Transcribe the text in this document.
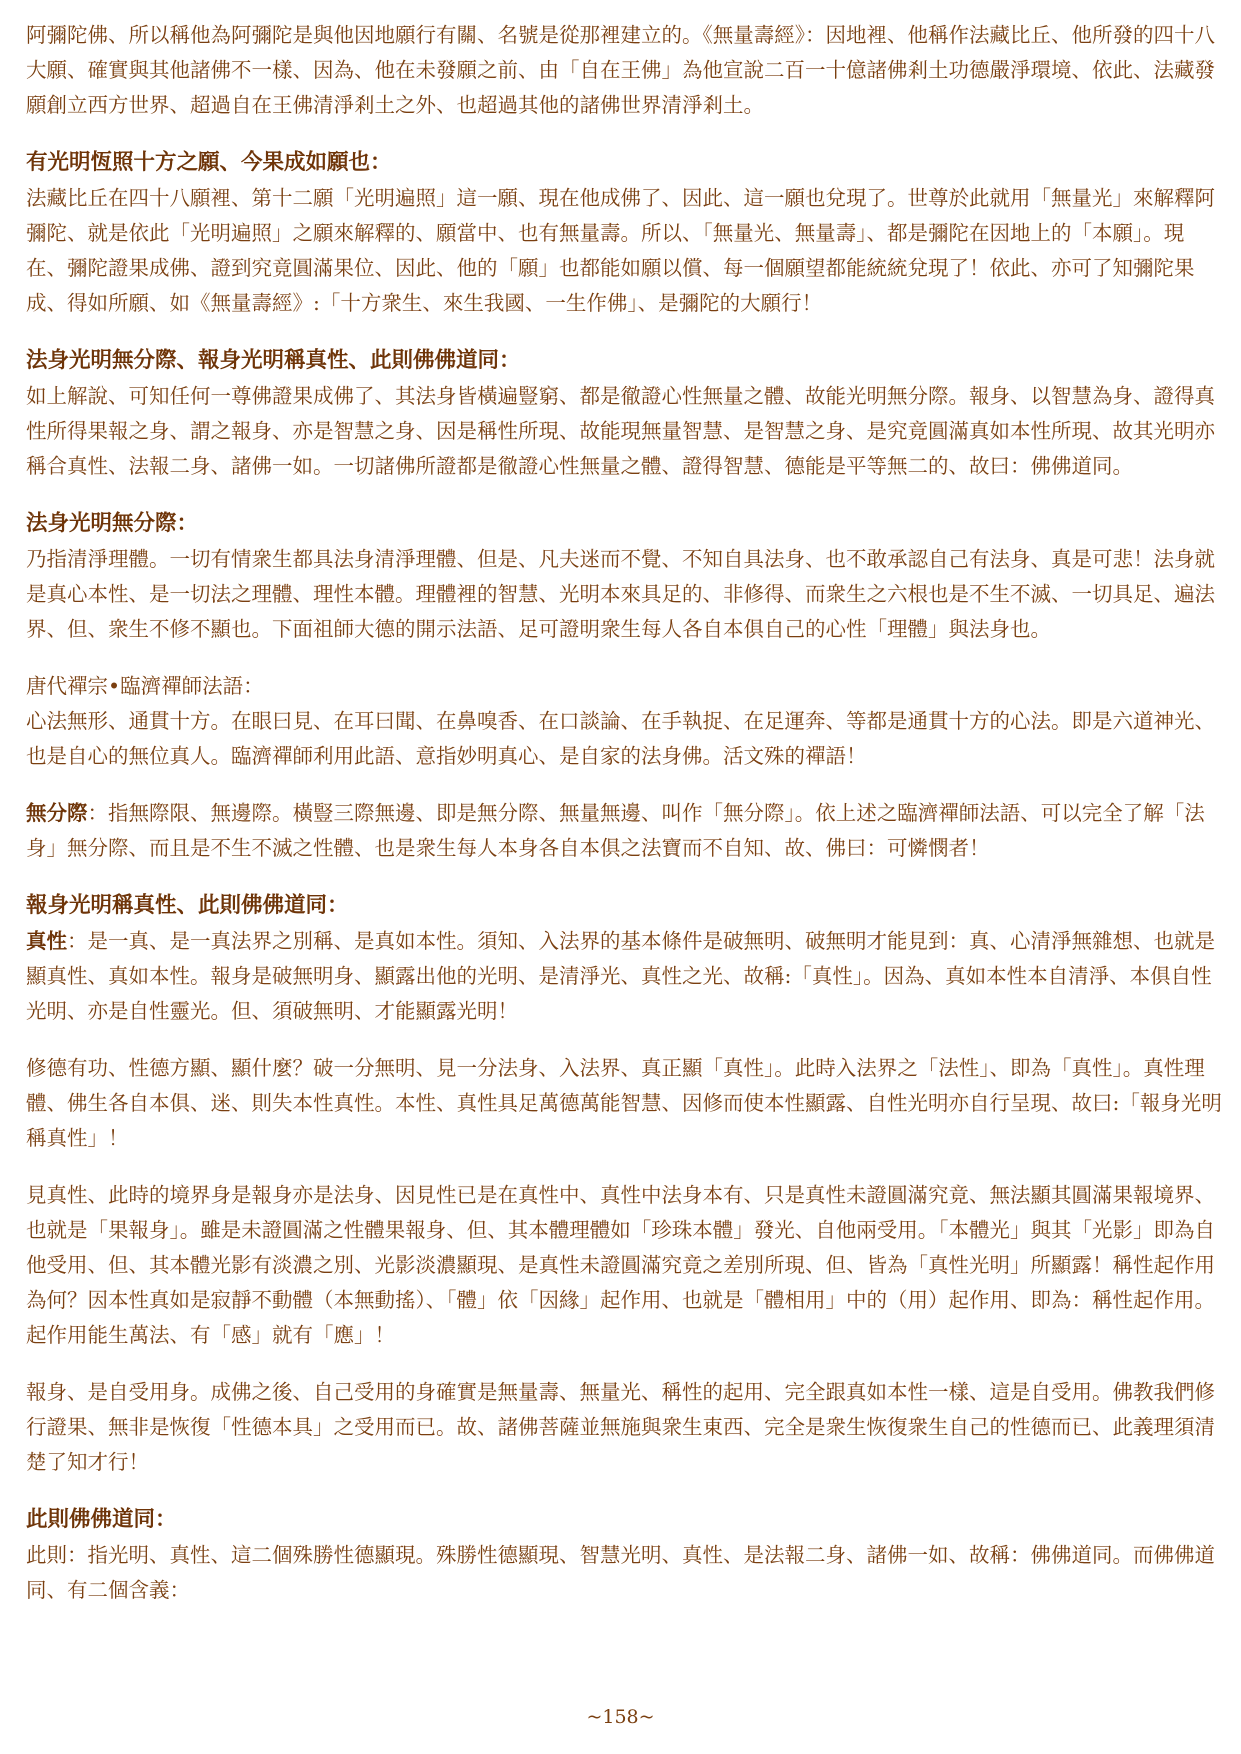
阿彌陀佛、所以稱他為阿彌陀是與他因地願行有關、名號是從那裡建立的。《無量壽經》：因地裡、他稱作法藏比丘、他所發的四十八大願、確實與其他諸佛不一樣、因為、他在未發願之前、由「自在王佛」為他宣說二百一十億諸佛剎土功德嚴淨環境、依此、法藏發願創立西方世界、超過自在王佛清淨剎土之外、也超過其他的諸佛世界清淨剎土。

有光明恆照十方之願、今果成如願也：

法藏比丘在四十八願裡、第十二願「光明遍照」這一願、現在他成佛了、因此、這一願也兌現了。世尊於此就用「無量光」來解釋阿彌陀、就是依此「光明遍照」之願來解釋的、願當中、也有無量壽。所以、「無量光、無量壽」、都是彌陀在因地上的「本願」。現在、彌陀證果成佛、證到究竟圓滿果位、因此、他的「願」也都能如願以償、每一個願望都能統統兌現了！依此、亦可了知彌陀果成、得如所願、如《無量壽經》:「十方衆生、來生我國、一生作佛」、是彌陀的大願行！

法身光明無分際、報身光明稱真性、此則佛佛道同：

如上解說、可知任何一尊佛證果成佛了、其法身皆橫遍豎窮、都是徹證心性無量之體、故能光明無分際。報身、以智慧為身、證得真性所得果報之身、謂之報身、亦是智慧之身、因是稱性所現、故能現無量智慧、是智慧之身、是究竟圓滿真如本性所現、故其光明亦稱合真性、法報二身、諸佛一如。一切諸佛所證都是徹證心性無量之體、證得智慧、德能是平等無二的、故曰：佛佛道同。

法身光明無分際：

乃指清淨理體。一切有情衆生都具法身清淨理體、但是、凡夫迷而不覺、不知自具法身、也不敢承認自己有法身、真是可悲！法身就是真心本性、是一切法之理體、理性本體。理體裡的智慧、光明本來具足的、非修得、而衆生之六根也是不生不滅、一切具足、遍法界、但、衆生不修不顯也。下面祖師大德的開示法語、足可證明衆生每人各自本俱自己的心性「理體」與法身也。

唐代禪宗•臨濟禪師法語：

心法無形、通貫十方。在眼曰見、在耳曰聞、在鼻嗅香、在口談論、在手執捉、在足運奔、等都是通貫十方的心法。即是六道神光、也是自心的無位真人。臨濟禪師利用此語、意指妙明真心、是自家的法身佛。活文殊的禪語！

無分際：指無際限、無邊際。橫豎三際無邊、即是無分際、無量無邊、叫作「無分際」。依上述之臨濟禪師法語、可以完全了解「法身」無分際、而且是不生不滅之性體、也是衆生每人本身各自本俱之法寶而不自知、故、佛曰：可憐憫者！

報身光明稱真性、此則佛佛道同：

真性：是一真、是一真法界之別稱、是真如本性。須知、入法界的基本條件是破無明、破無明才能見到：真、心清淨無雜想、也就是顯真性、真如本性。報身是破無明身、顯露出他的光明、是清淨光、真性之光、故稱:「真性」。因為、真如本性本自清淨、本俱自性光明、亦是自性靈光。但、須破無明、才能顯露光明！

修德有功、性德方顯、顯什麼？破一分無明、見一分法身、入法界、真正顯「真性」。此時入法界之「法性」、即為「真性」。真性理體、佛生各自本俱、迷、則失本性真性。本性、真性具足萬德萬能智慧、因修而使本性顯露、自性光明亦自行呈現、故曰:「報身光明稱真性」！

見真性、此時的境界身是報身亦是法身、因見性已是在真性中、真性中法身本有、只是真性未證圓滿究竟、無法顯其圓滿果報境界、也就是「果報身」。雖是未證圓滿之性體果報身、但、其本體理體如「珍珠本體」發光、自他兩受用。「本體光」與其「光影」即為自他受用、但、其本體光影有淡濃之別、光影淡濃顯現、是真性未證圓滿究竟之差別所現、但、皆為「真性光明」所顯露！稱性起作用為何？因本性真如是寂靜不動體（本無動搖）、「體」依「因緣」起作用、也就是「體相用」中的（用）起作用、即為：稱性起作用。起作用能生萬法、有「感」就有「應」！

報身、是自受用身。成佛之後、自己受用的身確實是無量壽、無量光、稱性的起用、完全跟真如本性一樣、這是自受用。佛教我們修行證果、無非是恢復「性德本具」之受用而已。故、諸佛菩薩並無施與衆生東西、完全是衆生恢復衆生自己的性德而已、此義理須清楚了知才行！

此則佛佛道同：

此則：指光明、真性、這二個殊勝性德顯現。殊勝性德顯現、智慧光明、真性、是法報二身、諸佛一如、故稱：佛佛道同。而佛佛道同、有二個含義：

~158~
